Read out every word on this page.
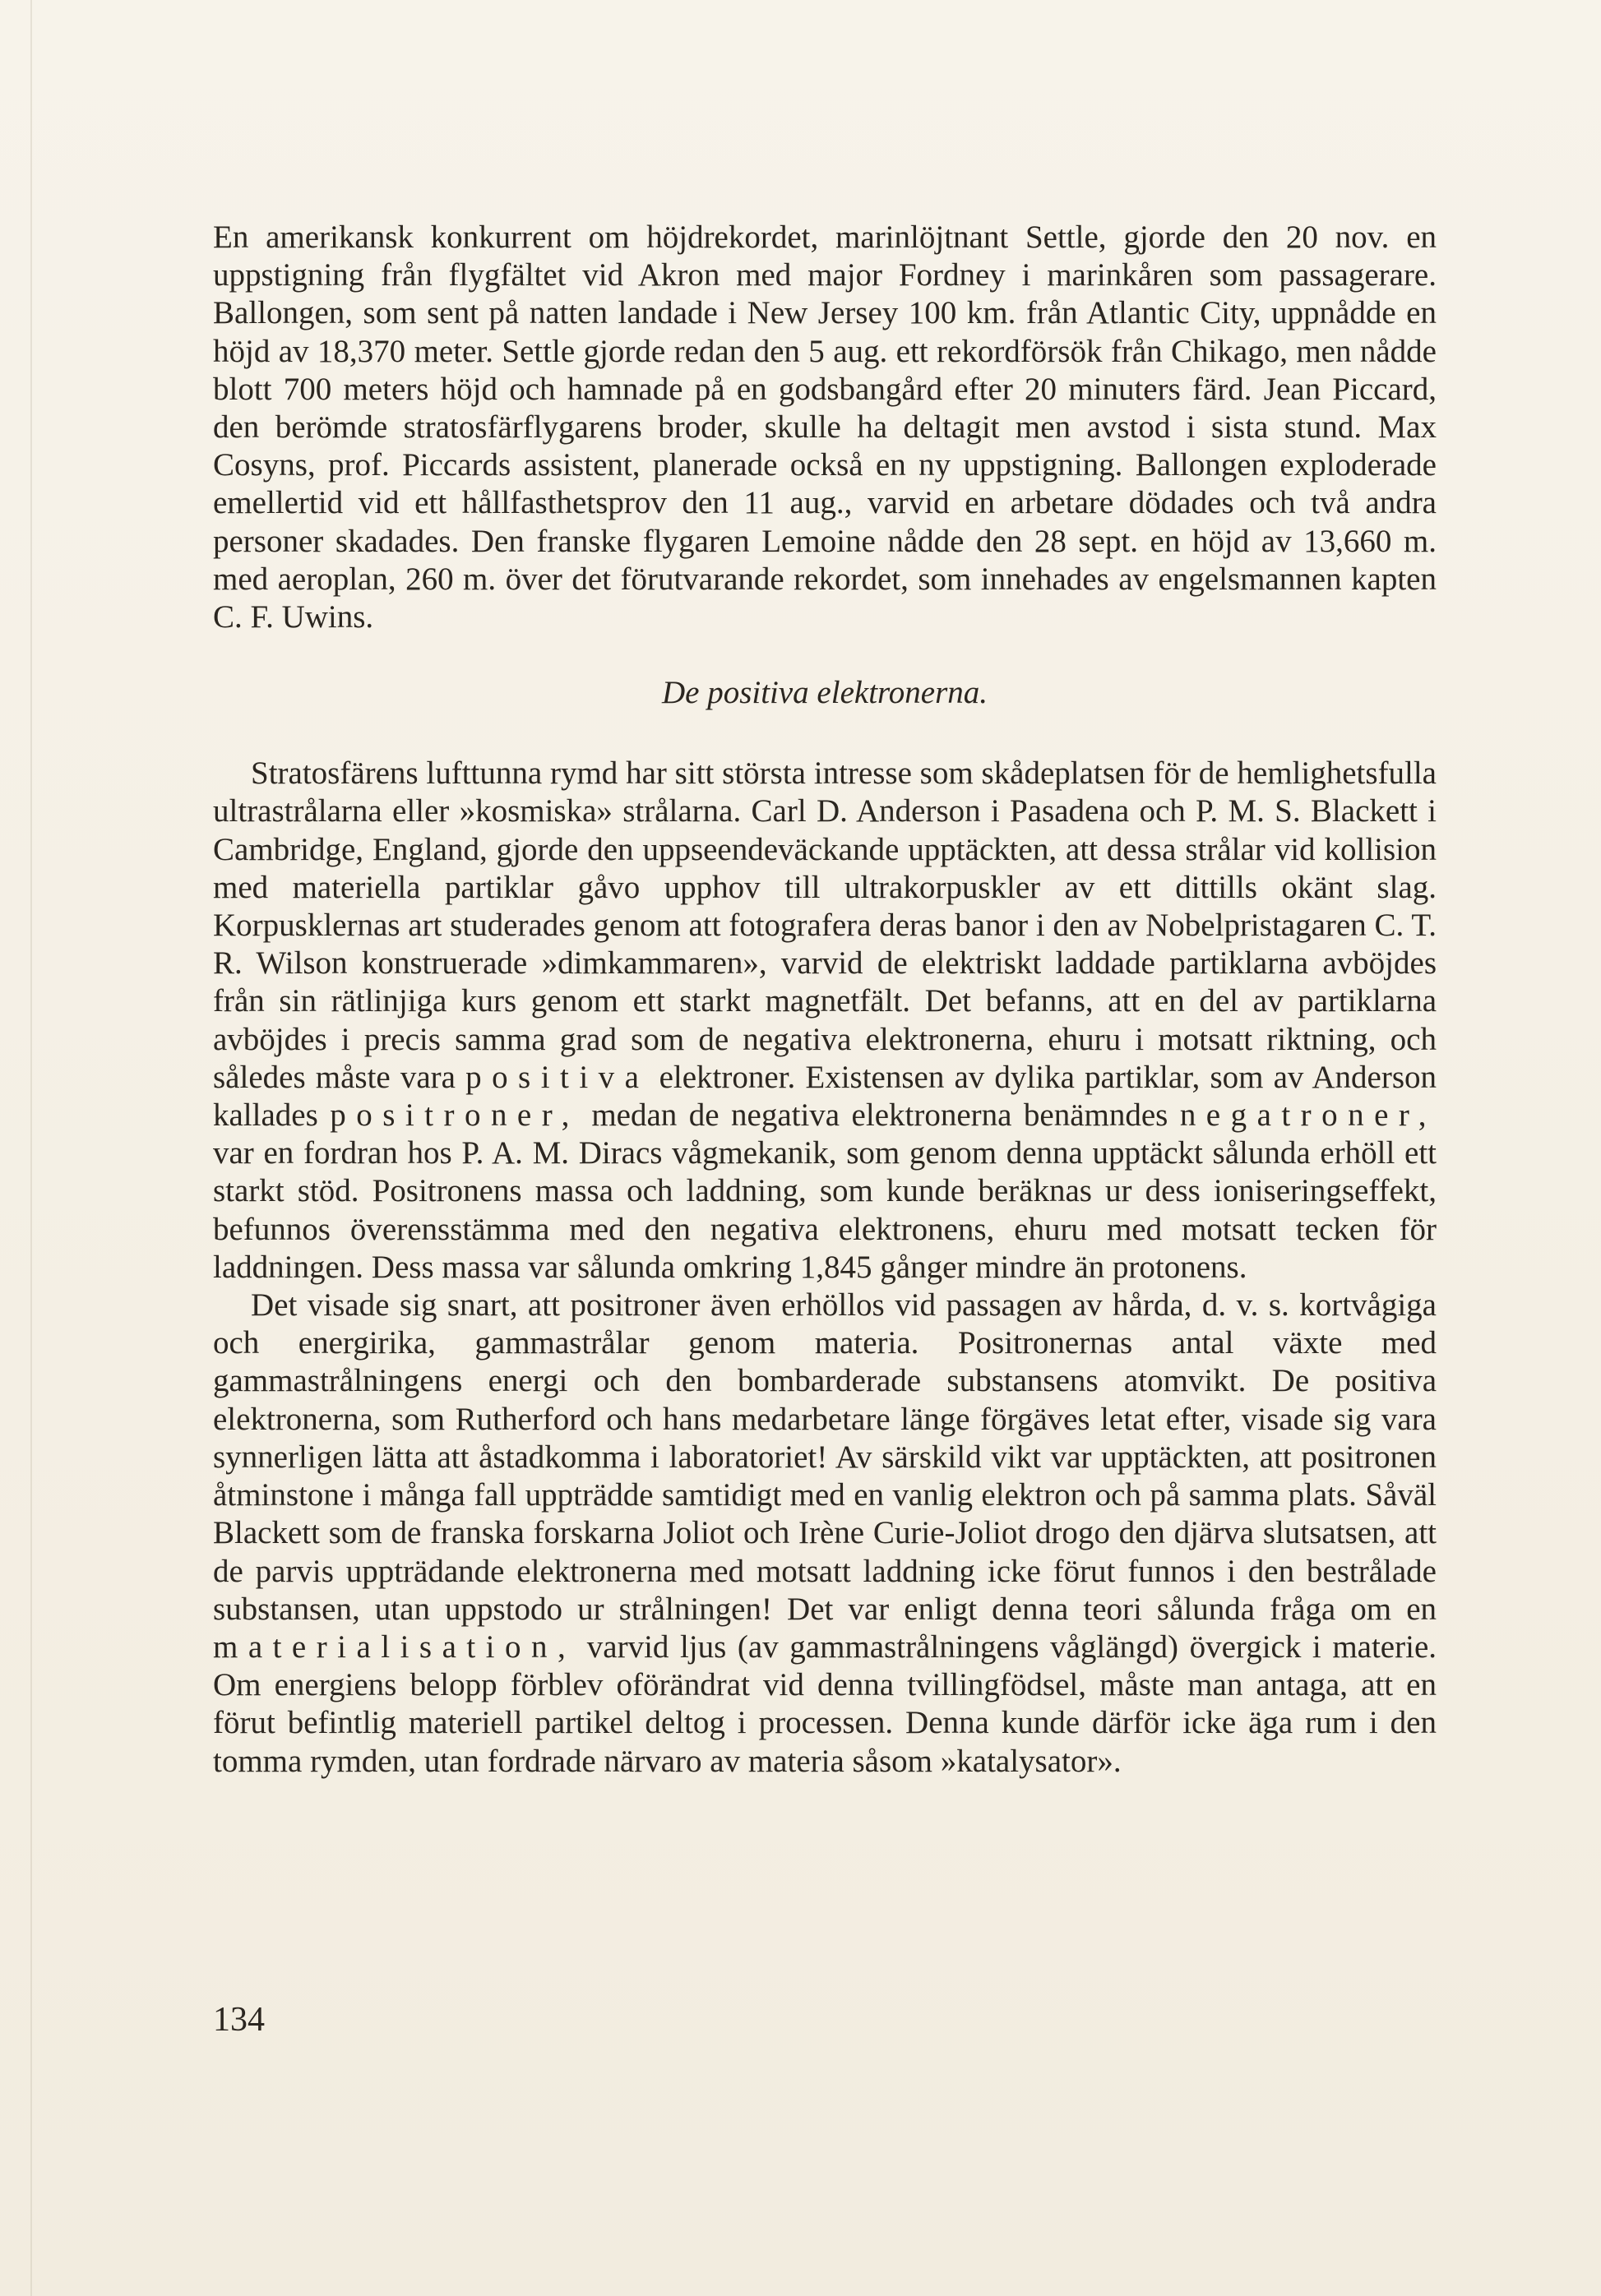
En amerikansk konkurrent om höjdrekordet, marinlöjtnant Settle, gjorde den 20 nov. en uppstigning från flygfältet vid Akron med major Fordney i marinkåren som passagerare. Ballongen, som sent på natten landade i New Jersey 100 km. från Atlantic City, uppnådde en höjd av 18,370 meter. Settle gjorde redan den 5 aug. ett rekordförsök från Chikago, men nådde blott 700 meters höjd och hamnade på en godsbangård efter 20 minuters färd. Jean Piccard, den berömde stratosfärflygarens broder, skulle ha deltagit men avstod i sista stund. Max Cosyns, prof. Piccards assistent, planerade också en ny uppstigning. Ballongen exploderade emellertid vid ett hållfasthetsprov den 11 aug., varvid en arbetare dödades och två andra personer skadades. Den franske flygaren Lemoine nådde den 28 sept. en höjd av 13,660 m. med aeroplan, 260 m. över det förutvarande rekordet, som innehades av engelsmannen kapten C. F. Uwins.

De positiva elektronerna.

Stratosfärens lufttunna rymd har sitt största intresse som skådeplatsen för de hemlighetsfulla ultrastrålarna eller »kosmiska» strålarna. Carl D. Anderson i Pasadena och P. M. S. Blackett i Cambridge, England, gjorde den uppseendeväckande upptäckten, att dessa strålar vid kollision med materiella partiklar gåvo upphov till ultrakorpuskler av ett dittills okänt slag. Korpusklernas art studerades genom att fotografera deras banor i den av Nobelpristagaren C. T. R. Wilson konstruerade »dimkammaren», varvid de elektriskt laddade partiklarna avböjdes från sin rätlinjiga kurs genom ett starkt magnetfält. Det befanns, att en del av partiklarna avböjdes i precis samma grad som de negativa elektronerna, ehuru i motsatt riktning, och således måste vara positiva elektroner. Existensen av dylika partiklar, som av Anderson kallades positroner, medan de negativa elektronerna benämndes negatroner, var en fordran hos P. A. M. Diracs vågmekanik, som genom denna upptäckt sålunda erhöll ett starkt stöd. Positronens massa och laddning, som kunde beräknas ur dess ioniseringseffekt, befunnos överensstämma med den negativa elektronens, ehuru med motsatt tecken för laddningen. Dess massa var sålunda omkring 1,845 gånger mindre än protonens.

Det visade sig snart, att positroner även erhöllos vid passagen av hårda, d. v. s. kortvågiga och energirika, gammastrålar genom materia. Positronernas antal växte med gammastrålningens energi och den bombarderade substansens atomvikt. De positiva elektronerna, som Rutherford och hans medarbetare länge förgäves letat efter, visade sig vara synnerligen lätta att åstadkomma i laboratoriet! Av särskild vikt var upptäckten, att positronen åtminstone i många fall uppträdde samtidigt med en vanlig elektron och på samma plats. Såväl Blackett som de franska forskarna Joliot och Irène Curie-Joliot drogo den djärva slutsatsen, att de parvis uppträdande elektronerna med motsatt laddning icke förut funnos i den bestrålade substansen, utan uppstodo ur strålningen! Det var enligt denna teori sålunda fråga om en materialisation, varvid ljus (av gammastrålningens våglängd) övergick i materie. Om energiens belopp förblev oförändrat vid denna tvillingfödsel, måste man antaga, att en förut befintlig materiell partikel deltog i processen. Denna kunde därför icke äga rum i den tomma rymden, utan fordrade närvaro av materia såsom »katalysator».

134
